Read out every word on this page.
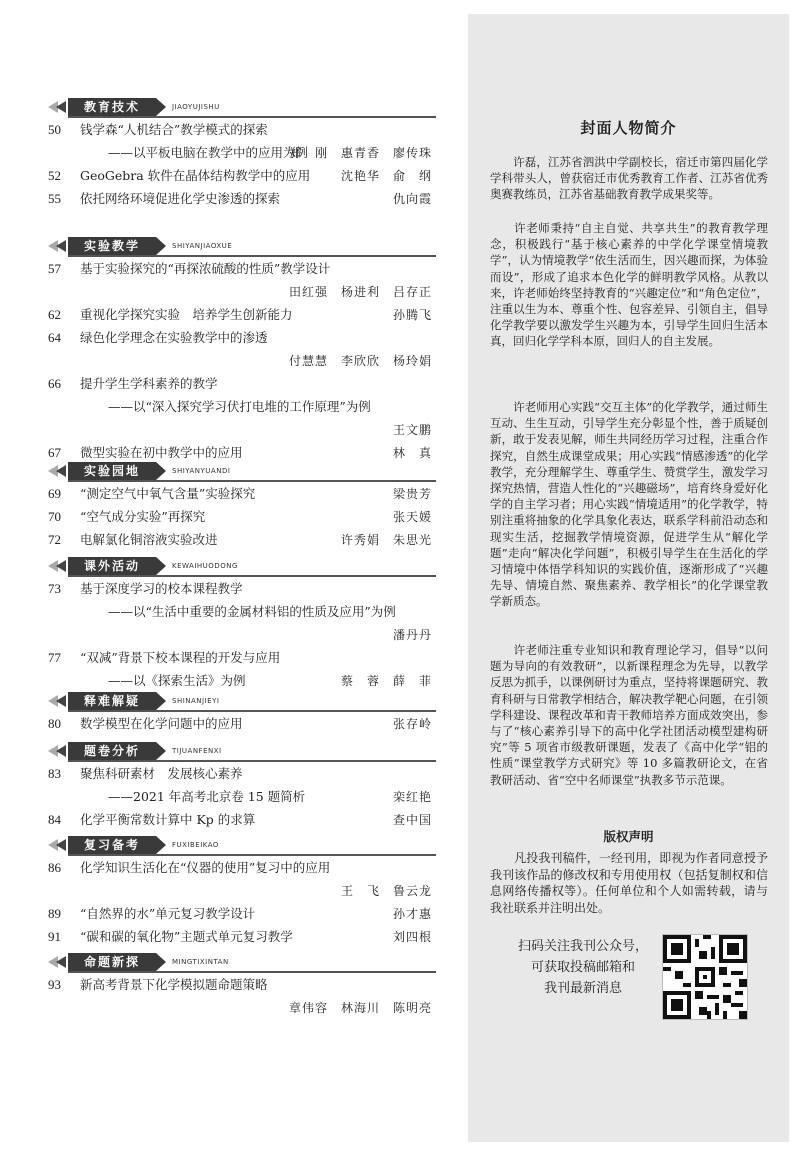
教育技术	JIAOYUJISHU
50 钱学森“人机结合”教学模式的探索
——以平板电脑在教学中的应用为例
郑　刚　惠青香　廖传珠
52 GeoGebra 软件在晶体结构教学中的应用	沈艳华　俞　纲
55 依托网络环境促进化学史渗透的探索	仇向霞
实验教学	SHIYANJIAOXUE
57 基于实验探究的“再探浓硫酸的性质”教学设计
田红强　杨进利　吕存正
62 重视化学探究实验　培养学生创新能力	孙腾飞
64 绿色化学理念在实验教学中的渗透
付慧慧　李欣欣　杨玲娟
66 提升学生学科素养的教学
——以“深入探究学习伏打电堆的工作原理”为例
王文鹏
67 微型实验在初中教学中的应用	林　真
实验园地	SHIYANYUANDI
69 “测定空气中氧气含量”实验探究	梁贵芳
70 “空气成分实验”再探究	张天媛
72 电解氯化铜溶液实验改进	许秀娟　朱思光
课外活动	KEWAIHUODONG
73 基于深度学习的校本课程教学
——以“生活中重要的金属材料铝的性质及应用”为例
潘丹丹
77 “双减”背景下校本课程的开发与应用
——以《探索生活》为例	蔡　蓉　薛　菲
释难解疑	SHINANJIEYI
80 数学模型在化学问题中的应用	张存岭
题卷分析	TIJUANFENXI
83 聚焦科研素材　发展核心素养
——2021 年高考北京卷 15 题简析	栾红艳
84 化学平衡常数计算中 Kp 的求算	查中国
复习备考	FUXIBEIKAO
86 化学知识生活化在“仪器的使用”复习中的应用
王　飞　鲁云龙
89 “自然界的水”单元复习教学设计	孙才惠
91 “碳和碳的氧化物”主题式单元复习教学	刘四根
命题新探	MINGTIXINTAN
93 新高考背景下化学模拟题命题策略
章伟容　林海川　陈明亮
封面人物简介
　　许磊，江苏省泗洪中学副校长，宿迁市第四届化学学科带头人，曾获宿迁市优秀教育工作者、江苏省优秀奥赛教练员，江苏省基础教育教学成果奖等。
　　许老师秉持“自主自觉、共享共生”的教育教学理念，积极践行“基于核心素养的中学化学课堂情境教学”，认为情境教学“依生活而生，因兴趣而探，为体验而设”，形成了追求本色化学的鲜明教学风格。从教以来，许老师始终坚持教育的“兴趣定位”和“角色定位”，注重以生为本、尊重个性、包容差异、引领自主，倡导化学教学要以激发学生兴趣为本，引导学生回归生活本真，回归化学学科本原，回归人的自主发展。
　　许老师用心实践“交互主体”的化学教学，通过师生互动、生生互动，引导学生充分彰显个性，善于质疑创新，敢于发表见解，师生共同经历学习过程，注重合作探究，自然生成课堂成果；用心实践“情感渗透”的化学教学，充分理解学生、尊重学生、赞赏学生，激发学习探究热情，营造人性化的“兴趣磁场”，培育终身爱好化学的自主学习者；用心实践“情境适用”的化学教学，特别注重将抽象的化学具象化表达，联系学科前沿动态和现实生活，挖掘教学情境资源，促进学生从“解化学题”走向“解决化学问题”，积极引导学生在生活化的学习情境中体悟学科知识的实践价值，逐渐形成了“兴趣先导、情境自然、聚焦素养、教学相长”的化学课堂教学新质态。
　　许老师注重专业知识和教育理论学习，倡导“以问题为导向的有效教研”，以新课程理念为先导，以教学反思为抓手，以课例研讨为重点，坚持将课题研究、教育科研与日常教学相结合，解决教学靶心问题，在引领学科建设、课程改革和青干教师培养方面成效突出，参与了“核心素养引导下的高中化学社团活动模型建构研究”等 5 项省市级教研课题，发表了《高中化学“铝的性质”课堂教学方式研究》等 10 多篇教研论文，在省教研活动、省“空中名师课堂”执教多节示范课。
版权声明
　　凡投我刊稿件，一经刊用，即视为作者同意授予我刊该作品的修改权和专用使用权（包括复制权和信息网络传播权等）。任何单位和个人如需转载，请与我社联系并注明出处。
扫码关注我刊公众号，
可获取投稿邮箱和
我刊最新消息
